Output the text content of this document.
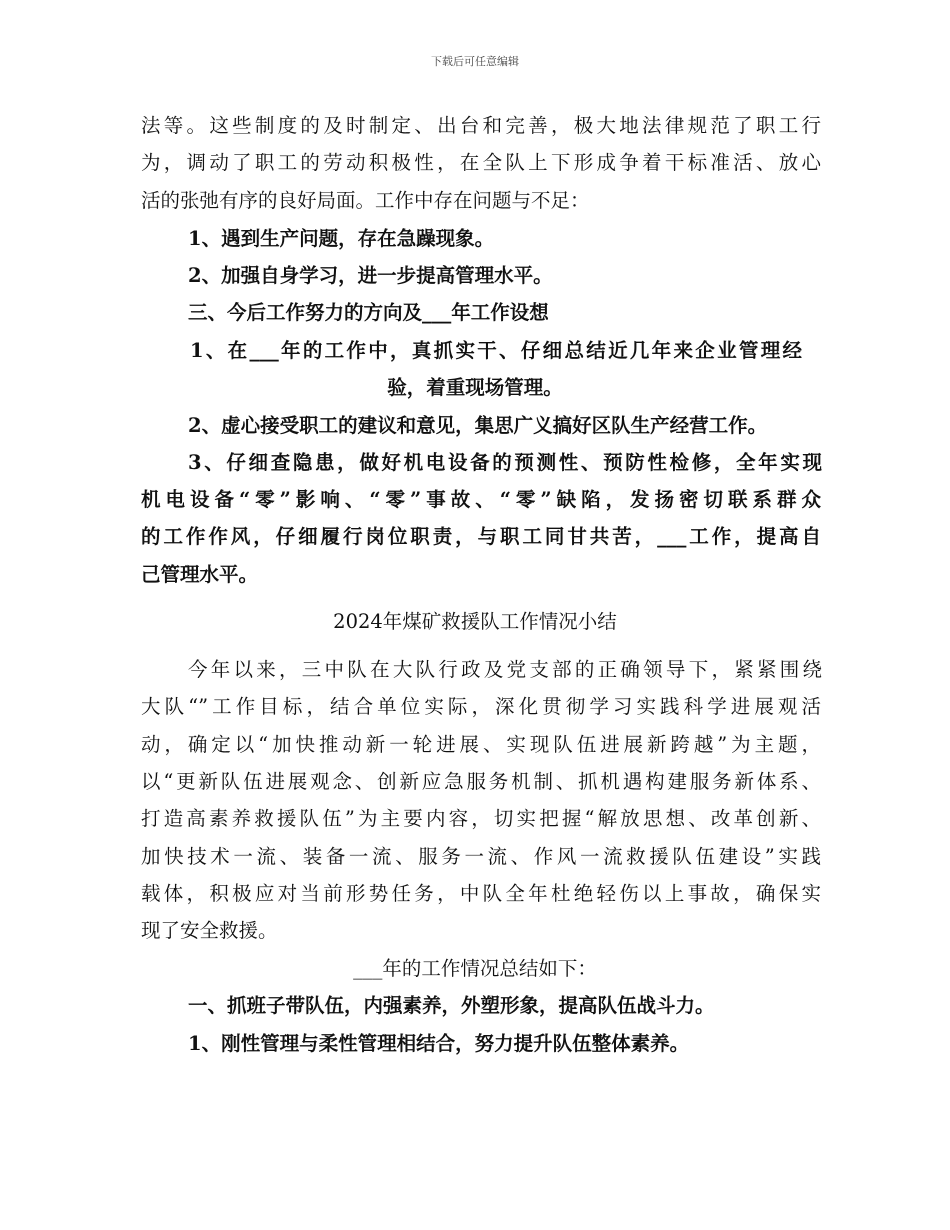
下载后可任意编辑
法等。这些制度的及时制定、出台和完善，极大地法律规范了职工行
为，调动了职工的劳动积极性，在全队上下形成争着干标准活、放心
活的张弛有序的良好局面。工作中存在问题与不足：
1、遇到生产问题，存在急躁现象。
2、加强自身学习，进一步提高管理水平。
三、今后工作努力的方向及___年工作设想
1、在___年的工作中，真抓实干、仔细总结近几年来企业管理经
验，着重现场管理。
2、虚心接受职工的建议和意见，集思广义搞好区队生产经营工作。
3、仔细查隐患，做好机电设备的预测性、预防性检修，全年实现
机电设备“零”影响、“零”事故、“零”缺陷，发扬密切联系群众
的工作作风，仔细履行岗位职责，与职工同甘共苦，___工作，提高自
己管理水平。
2024年煤矿救援队工作情况小结
今年以来，三中队在大队行政及党支部的正确领导下，紧紧围绕
大队“”工作目标，结合单位实际，深化贯彻学习实践科学进展观活
动，确定以“加快推动新一轮进展、实现队伍进展新跨越”为主题，
以“更新队伍进展观念、创新应急服务机制、抓机遇构建服务新体系、
打造高素养救援队伍”为主要内容，切实把握“解放思想、改革创新、
加快技术一流、装备一流、服务一流、作风一流救援队伍建设”实践
载体，积极应对当前形势任务，中队全年杜绝轻伤以上事故，确保实
现了安全救援。
___年的工作情况总结如下：
一、抓班子带队伍，内强素养，外塑形象，提高队伍战斗力。
1、刚性管理与柔性管理相结合，努力提升队伍整体素养。
